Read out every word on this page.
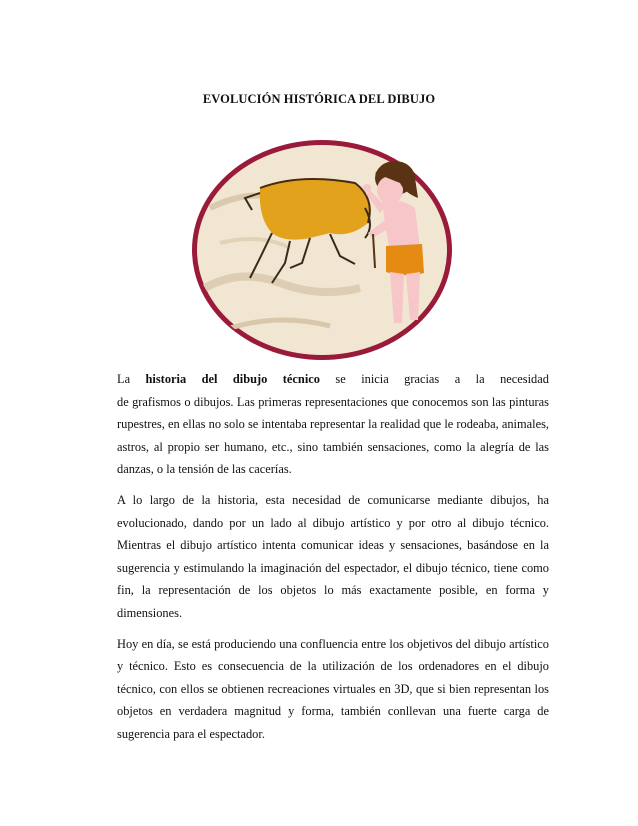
EVOLUCIÓN HISTÓRICA DEL DIBUJO

La historia del dibujo técnico se inicia gracias a la necesidad
de grafismos o dibujos. Las primeras representaciones que conocemos son las pinturas rupestres, en ellas no solo se intentaba representar la realidad que le rodeaba, animales, astros, al propio ser humano, etc., sino también sensaciones, como la alegría de las danzas, o la tensión de las cacerías.

A lo largo de la historia, esta necesidad de comunicarse mediante dibujos, ha evolucionado, dando por un lado al dibujo artístico y por otro al dibujo técnico. Mientras el dibujo artístico intenta comunicar ideas y sensaciones, basándose en la sugerencia y estimulando la imaginación del espectador, el dibujo técnico, tiene como fin, la representación de los objetos lo más exactamente posible, en forma y dimensiones.

Hoy en día, se está produciendo una confluencia entre los objetivos del dibujo artístico y técnico. Esto es consecuencia de la utilización de los ordenadores en el dibujo técnico, con ellos se obtienen recreaciones virtuales en 3D, que si bien representan los objetos en verdadera magnitud y forma, también conllevan una fuerte carga de sugerencia para el espectador.
